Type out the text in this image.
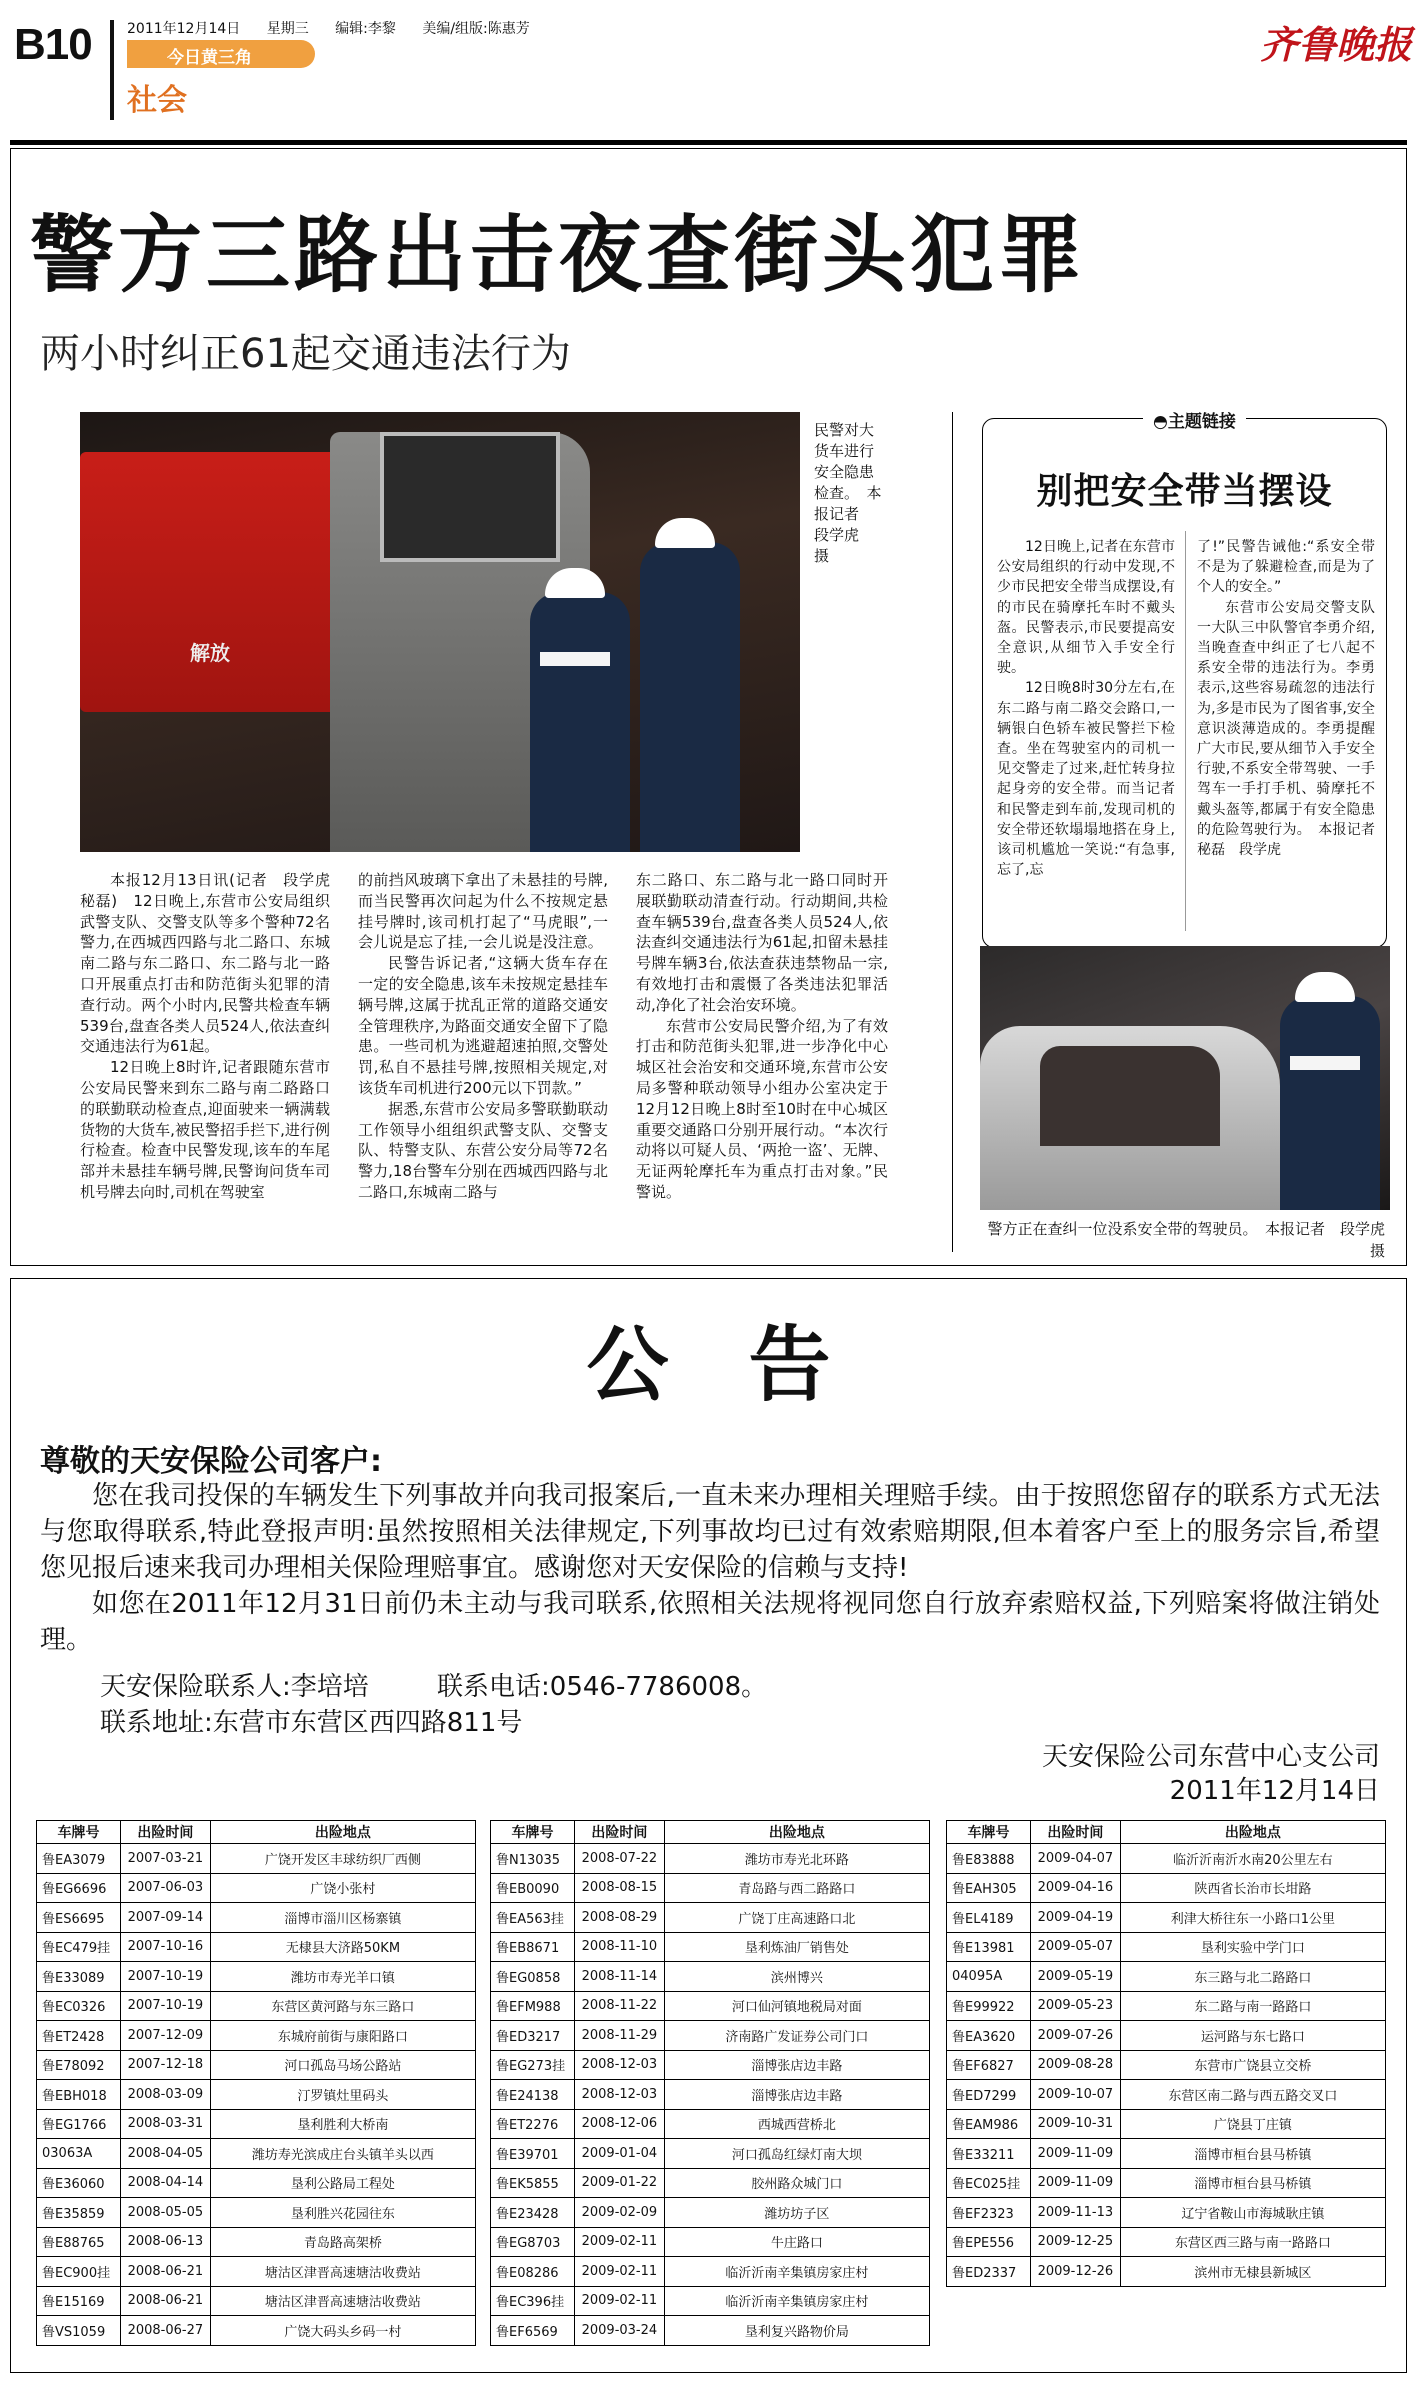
B10	2011年12月14日 星期三 编辑:李黎 美编/组版:陈惠芳
今日黄三角
社会
齐鲁晚报
警方三路出击夜查街头犯罪
两小时纠正61起交通违法行为
解放
民警对大货车进行安全隐患检查。　本报记者　段学虎　摄

本报12月13日讯(记者　段学虎　秘磊)　12日晚上,东营市公安局组织武警支队、交警支队等多个警种72名警力,在西城西四路与北二路口、东城南二路与东二路口、东二路与北一路口开展重点打击和防范街头犯罪的清查行动。两个小时内,民警共检查车辆539台,盘查各类人员524人,依法查纠交通违法行为61起。

12日晚上8时许,记者跟随东营市公安局民警来到东二路与南二路路口的联勤联动检查点,迎面驶来一辆满载货物的大货车,被民警招手拦下,进行例行检查。检查中民警发现,该车的车尾部并未悬挂车辆号牌,民警询问货车司机号牌去向时,司机在驾驶室

的前挡风玻璃下拿出了未悬挂的号牌,而当民警再次问起为什么不按规定悬挂号牌时,该司机打起了“马虎眼”,一会儿说是忘了挂,一会儿说是没注意。

民警告诉记者,“这辆大货车存在一定的安全隐患,该车未按规定悬挂车辆号牌,这属于扰乱正常的道路交通安全管理秩序,为路面交通安全留下了隐患。一些司机为逃避超速拍照,交警处罚,私自不悬挂号牌,按照相关规定,对该货车司机进行200元以下罚款。”

据悉,东营市公安局多警联勤联动工作领导小组组织武警支队、交警支队、特警支队、东营公安分局等72名警力,18台警车分别在西城西四路与北二路口,东城南二路与

东二路口、东二路与北一路口同时开展联勤联动清查行动。行动期间,共检查车辆539台,盘查各类人员524人,依法查纠交通违法行为61起,扣留未悬挂号牌车辆3台,依法查获违禁物品一宗,有效地打击和震慑了各类违法犯罪活动,净化了社会治安环境。

东营市公安局民警介绍,为了有效打击和防范街头犯罪,进一步净化中心城区社会治安和交通环境,东营市公安局多警种联动领导小组办公室决定于12月12日晚上8时至10时在中心城区重要交通路口分别开展行动。“本次行动将以可疑人员、‘两抢一盗’、无牌、无证两轮摩托车为重点打击对象。”民警说。

◓主题链接
别把安全带当摆设

12日晚上,记者在东营市公安局组织的行动中发现,不少市民把安全带当成摆设,有的市民在骑摩托车时不戴头盔。民警表示,市民要提高安全意识,从细节入手安全行驶。

12日晚8时30分左右,在东二路与南二路交会路口,一辆银白色轿车被民警拦下检查。坐在驾驶室内的司机一见交警走了过来,赶忙转身拉起身旁的安全带。而当记者和民警走到车前,发现司机的安全带还软塌塌地搭在身上,该司机尴尬一笑说:“有急事,忘了,忘

了!”民警告诫他:“系安全带不是为了躲避检查,而是为了个人的安全。”

东营市公安局交警支队一大队三中队警官李勇介绍,当晚查查中纠正了七八起不系安全带的违法行为。李勇表示,这些容易疏忽的违法行为,多是市民为了图省事,安全意识淡薄造成的。李勇提醒广大市民,要从细节入手安全行驶,不系安全带驾驶、一手驾车一手打手机、骑摩托不戴头盔等,都属于有安全隐患的危险驾驶行为。　本报记者　秘磊　段学虎

警方正在查纠一位没系安全带的驾驶员。　本报记者　段学虎　摄
公告
尊敬的天安保险公司客户:

您在我司投保的车辆发生下列事故并向我司报案后,一直未来办理相关理赔手续。由于按照您留存的联系方式无法与您取得联系,特此登报声明:虽然按照相关法律规定,下列事故均已过有效索赔期限,但本着客户至上的服务宗旨,希望您见报后速来我司办理相关保险理赔事宜。感谢您对天安保险的信赖与支持!

如您在2011年12月31日前仍未主动与我司联系,依照相关法规将视同您自行放弃索赔权益,下列赔案将做注销处理。

天安保险联系人:李培培	联系电话:0546-7786008。
联系地址:东营市东营区西四路811号
天安保险公司东营中心支公司
2011年12月14日
车牌号	出险时间	出险地点
鲁EA3079	2007-03-21	广饶开发区丰球纺织厂西侧
鲁EG6696	2007-06-03	广饶小张村
鲁ES6695	2007-09-14	淄博市淄川区杨寨镇
鲁EC479挂	2007-10-16	无棣县大济路50KM
鲁E33089	2007-10-19	潍坊市寿光羊口镇
鲁EC0326	2007-10-19	东营区黄河路与东三路口
鲁ET2428	2007-12-09	东城府前街与康阳路口
鲁E78092	2007-12-18	河口孤岛马场公路站
鲁EBH018	2008-03-09	汀罗镇灶里码头
鲁EG1766	2008-03-31	垦利胜利大桥南
03063A	2008-04-05	潍坊寿光滨成庄台头镇羊头以西
鲁E36060	2008-04-14	垦利公路局工程处
鲁E35859	2008-05-05	垦利胜兴花园往东
鲁E88765	2008-06-13	青岛路高架桥
鲁EC900挂	2008-06-21	塘沽区津晋高速塘沽收费站
鲁E15169	2008-06-21	塘沽区津晋高速塘沽收费站
鲁VS1059	2008-06-27	广饶大码头乡码一村
车牌号	出险时间	出险地点
鲁N13035	2008-07-22	潍坊市寿光北环路
鲁EB0090	2008-08-15	青岛路与西二路路口
鲁EA563挂	2008-08-29	广饶丁庄高速路口北
鲁EB8671	2008-11-10	垦利炼油厂销售处
鲁EG0858	2008-11-14	滨州博兴
鲁EFM988	2008-11-22	河口仙河镇地税局对面
鲁ED3217	2008-11-29	济南路广发证券公司门口
鲁EG273挂	2008-12-03	淄博张店边丰路
鲁E24138	2008-12-03	淄博张店边丰路
鲁ET2276	2008-12-06	西城西营桥北
鲁E39701	2009-01-04	河口孤岛红绿灯南大坝
鲁EK5855	2009-01-22	胶州路众城门口
鲁E23428	2009-02-09	潍坊坊子区
鲁EG8703	2009-02-11	牛庄路口
鲁E08286	2009-02-11	临沂沂南辛集镇房家庄村
鲁EC396挂	2009-02-11	临沂沂南辛集镇房家庄村
鲁EF6569	2009-03-24	垦利复兴路物价局
车牌号	出险时间	出险地点
鲁E83888	2009-04-07	临沂沂南沂水南20公里左右
鲁EAH305	2009-04-16	陕西省长治市长坩路
鲁EL4189	2009-04-19	利津大桥往东一小路口1公里
鲁E13981	2009-05-07	垦利实验中学门口
04095A	2009-05-19	东三路与北二路路口
鲁E99922	2009-05-23	东二路与南一路路口
鲁EA3620	2009-07-26	运河路与东七路口
鲁EF6827	2009-08-28	东营市广饶县立交桥
鲁ED7299	2009-10-07	东营区南二路与西五路交叉口
鲁EAM986	2009-10-31	广饶县丁庄镇
鲁E33211	2009-11-09	淄博市桓台县马桥镇
鲁EC025挂	2009-11-09	淄博市桓台县马桥镇
鲁EF2323	2009-11-13	辽宁省鞍山市海城耿庄镇
鲁EPE556	2009-12-25	东营区西三路与南一路路口
鲁ED2337	2009-12-26	滨州市无棣县新城区
